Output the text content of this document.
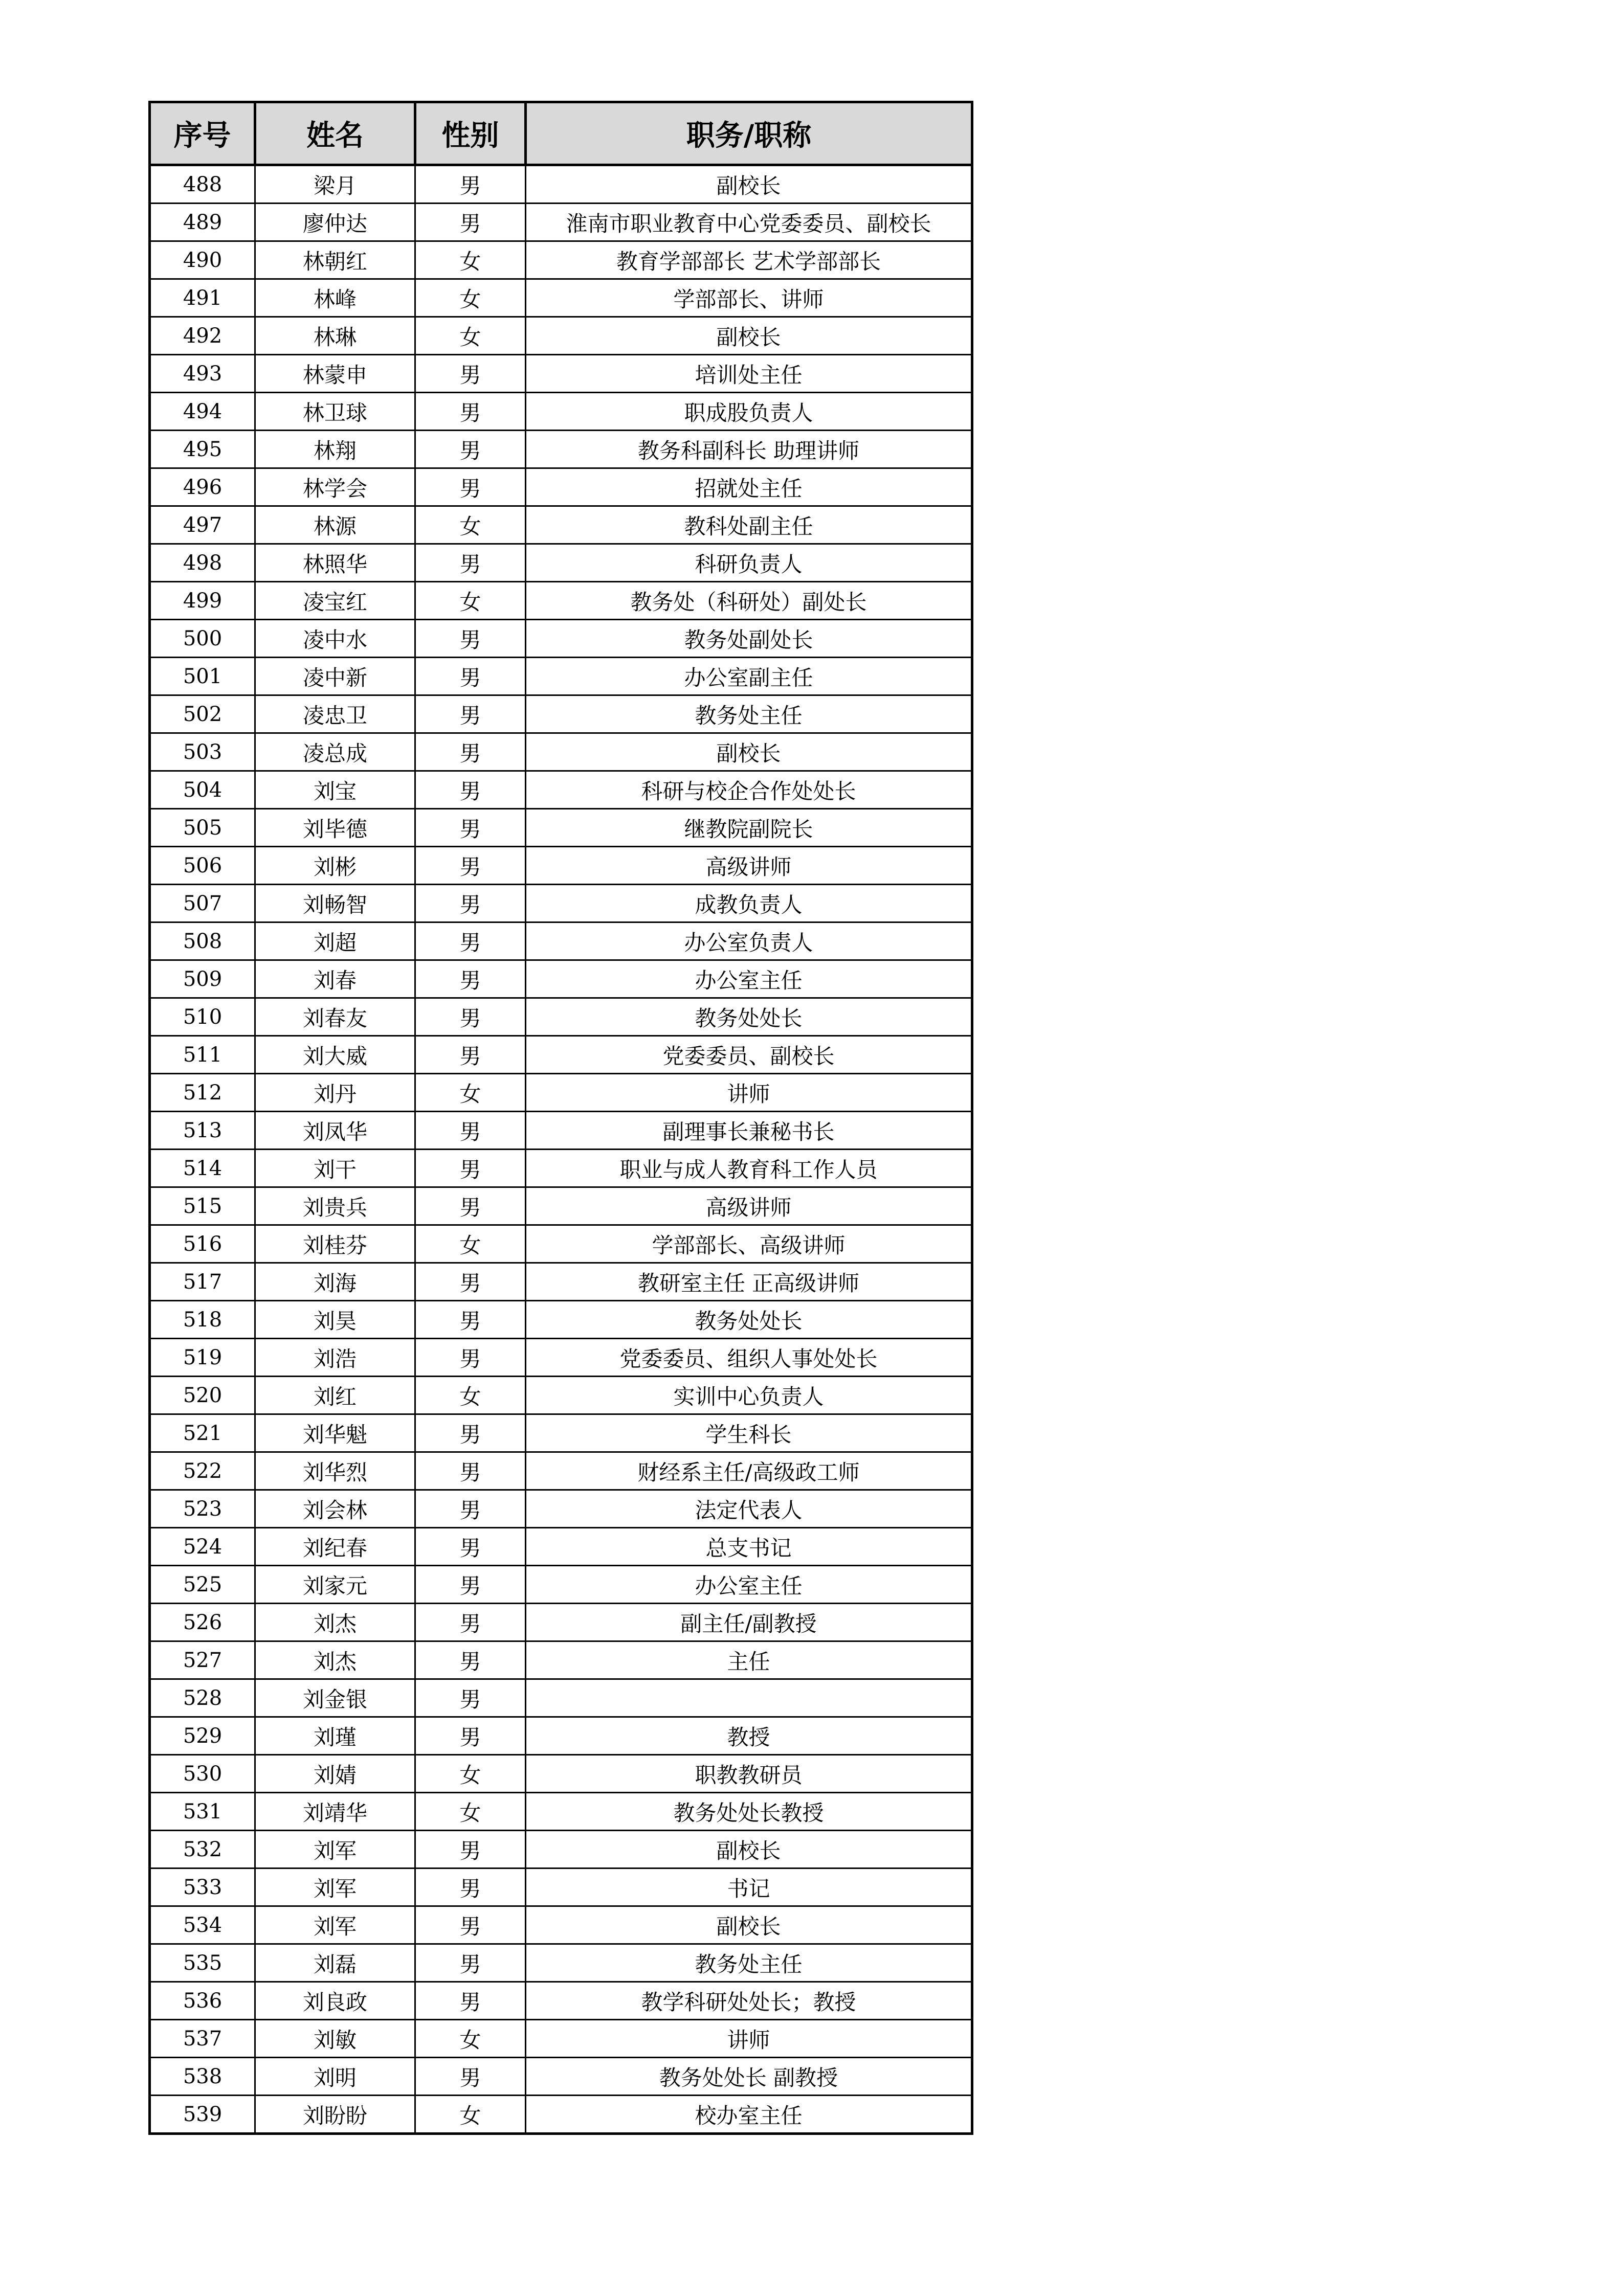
序号	姓名	性别	职务/职称
488	梁月	男	副校长
489	廖仲达	男	淮南市职业教育中心党委委员、副校长
490	林朝红	女	教育学部部长 艺术学部部长
491	林峰	女	学部部长、讲师
492	林琳	女	副校长
493	林蒙申	男	培训处主任
494	林卫球	男	职成股负责人
495	林翔	男	教务科副科长 助理讲师
496	林学会	男	招就处主任
497	林源	女	教科处副主任
498	林照华	男	科研负责人
499	凌宝红	女	教务处（科研处）副处长
500	凌中水	男	教务处副处长
501	凌中新	男	办公室副主任
502	凌忠卫	男	教务处主任
503	凌总成	男	副校长
504	刘宝	男	科研与校企合作处处长
505	刘毕德	男	继教院副院长
506	刘彬	男	高级讲师
507	刘畅智	男	成教负责人
508	刘超	男	办公室负责人
509	刘春	男	办公室主任
510	刘春友	男	教务处处长
511	刘大威	男	党委委员、副校长
512	刘丹	女	讲师
513	刘凤华	男	副理事长兼秘书长
514	刘干	男	职业与成人教育科工作人员
515	刘贵兵	男	高级讲师
516	刘桂芬	女	学部部长、高级讲师
517	刘海	男	教研室主任 正高级讲师
518	刘昊	男	教务处处长
519	刘浩	男	党委委员、组织人事处处长
520	刘红	女	实训中心负责人
521	刘华魁	男	学生科长
522	刘华烈	男	财经系主任/高级政工师
523	刘会林	男	法定代表人
524	刘纪春	男	总支书记
525	刘家元	男	办公室主任
526	刘杰	男	副主任/副教授
527	刘杰	男	主任
528	刘金银	男	
529	刘瑾	男	教授
530	刘婧	女	职教教研员
531	刘靖华	女	教务处处长教授
532	刘军	男	副校长
533	刘军	男	书记
534	刘军	男	副校长
535	刘磊	男	教务处主任
536	刘良政	男	教学科研处处长；教授
537	刘敏	女	讲师
538	刘明	男	教务处处长 副教授
539	刘盼盼	女	校办室主任
